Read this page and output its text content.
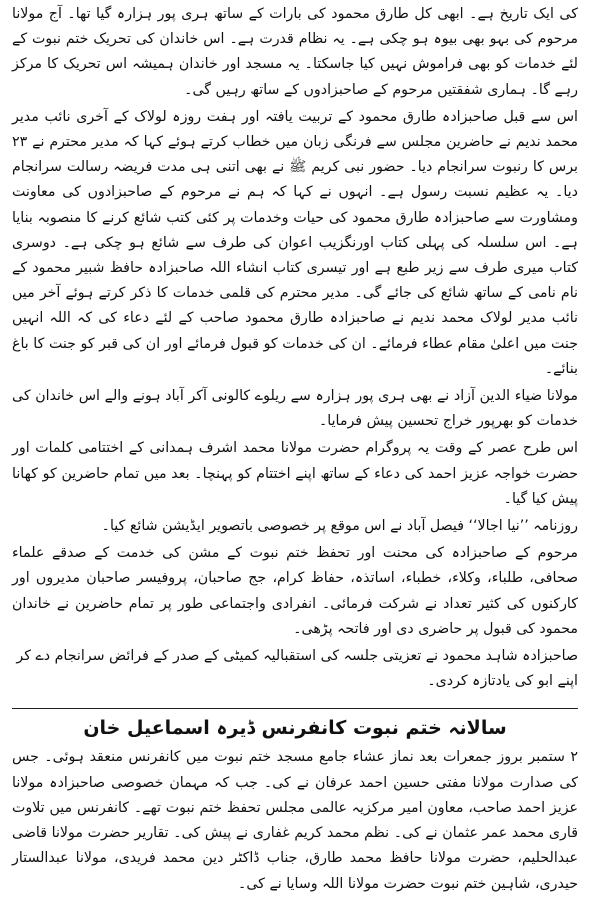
کی ایک تاریخ ہے۔ ابھی کل طارق محمود کی بارات کے ساتھ ہری پور ہزارہ گیا تھا۔ آج مولانا مرحوم کی بہو بھی بیوہ ہو چکی ہے۔ یہ نظام قدرت ہے۔ اس خاندان کی تحریک ختم نبوت کے لئے خدمات کو بھی فراموش نہیں کیا جاسکتا۔ یہ مسجد اور خاندان ہمیشہ اس تحریک کا مرکز رہے گا۔ ہماری شفقتیں مرحوم کے صاحبزادوں کے ساتھ رہیں گی۔

اس سے قبل صاحبزادہ طارق محمود کے تربیت یافتہ اور ہفت روزہ لولاک کے آخری نائب مدیر محمد ندیم نے حاضرین مجلس سے فرنگی زبان میں خطاب کرتے ہوئے کہا کہ مدیر محترم نے ۲۳ برس کا رنبوت سرانجام دیا۔ حضور نبی کریم ﷺ نے بھی اتنی ہی مدت فریضہ رسالت سرانجام دیا۔ یہ عظیم نسبت رسول ہے۔ انہوں نے کہا کہ ہم نے مرحوم کے صاحبزادوں کی معاونت ومشاورت سے صاحبزادہ طارق محمود کی حیات وخدمات پر کئی کتب شائع کرنے کا منصوبہ بنایا ہے۔ اس سلسلہ کی پہلی کتاب اورنگزیب اعوان کی طرف سے شائع ہو چکی ہے۔ دوسری کتاب میری طرف سے زیر طبع ہے اور تیسری کتاب انشاء اللہ صاحبزادہ حافظ شبیر محمود کے نام نامی کے ساتھ شائع کی جائے گی۔ مدیر محترم کی قلمی خدمات کا ذکر کرتے ہوئے آخر میں نائب مدیر لولاک محمد ندیم نے صاحبزادہ طارق محمود صاحب کے لئے دعاء کی کہ اللہ انہیں جنت میں اعلیٰ مقام عطاء فرمائے۔ ان کی خدمات کو قبول فرمائے اور ان کی قبر کو جنت کا باغ بنائے۔

مولانا ضیاء الدین آزاد نے بھی ہری پور ہزارہ سے ریلوے کالونی آکر آباد ہونے والے اس خاندان کی خدمات کو بھرپور خراج تحسین پیش فرمایا۔

اس طرح عصر کے وقت یہ پروگرام حضرت مولانا محمد اشرف ہمدانی کے اختتامی کلمات اور حضرت خواجہ عزیز احمد کی دعاء کے ساتھ اپنے اختتام کو پہنچا۔ بعد میں تمام حاضرین کو کھانا پیش کیا گیا۔

روزنامہ ’’نیا اجالا‘‘ فیصل آباد نے اس موقع پر خصوصی باتصویر ایڈیشن شائع کیا۔

مرحوم کے صاحبزادہ کی محنت اور تحفظ ختم نبوت کے مشن کی خدمت کے صدقے علماء صحافی، طلباء، وکلاء، خطباء، اساتذہ، حفاظ کرام، جج صاحبان، پروفیسر صاحبان مدیروں اور کارکنوں کی کثیر تعداد نے شرکت فرمائی۔ انفرادی واجتماعی طور پر تمام حاضرین نے خاندان محمود کی قبول پر حاضری دی اور فاتحہ پڑھی۔

صاحبزادہ شاہد محمود نے تعزیتی جلسہ کی استقبالیہ کمیٹی کے صدر کے فرائض سرانجام دے کر اپنے ابو کی یادتازہ کردی۔

سالانہ ختم نبوت کانفرنس ڈیرہ اسماعیل خان

۲ ستمبر بروز جمعرات بعد نماز عشاء جامع مسجد ختم نبوت میں کانفرنس منعقد ہوئی۔ جس کی صدارت مولانا مفتی حسین احمد عرفان نے کی۔ جب کہ مہمان خصوصی صاحبزادہ مولانا عزیز احمد صاحب، معاون امیر مرکزیہ عالمی مجلس تحفظ ختم نبوت تھے۔ کانفرنس میں تلاوت قاری محمد عمر عثمان نے کی۔ نظم محمد کریم غفاری نے پیش کی۔ تقاریر حضرت مولانا قاضی عبدالحلیم، حضرت مولانا حافظ محمد طارق، جناب ڈاکٹر دین محمد فریدی، مولانا عبدالستار حیدری، شاہین ختم نبوت حضرت مولانا اللہ وسایا نے کی۔
